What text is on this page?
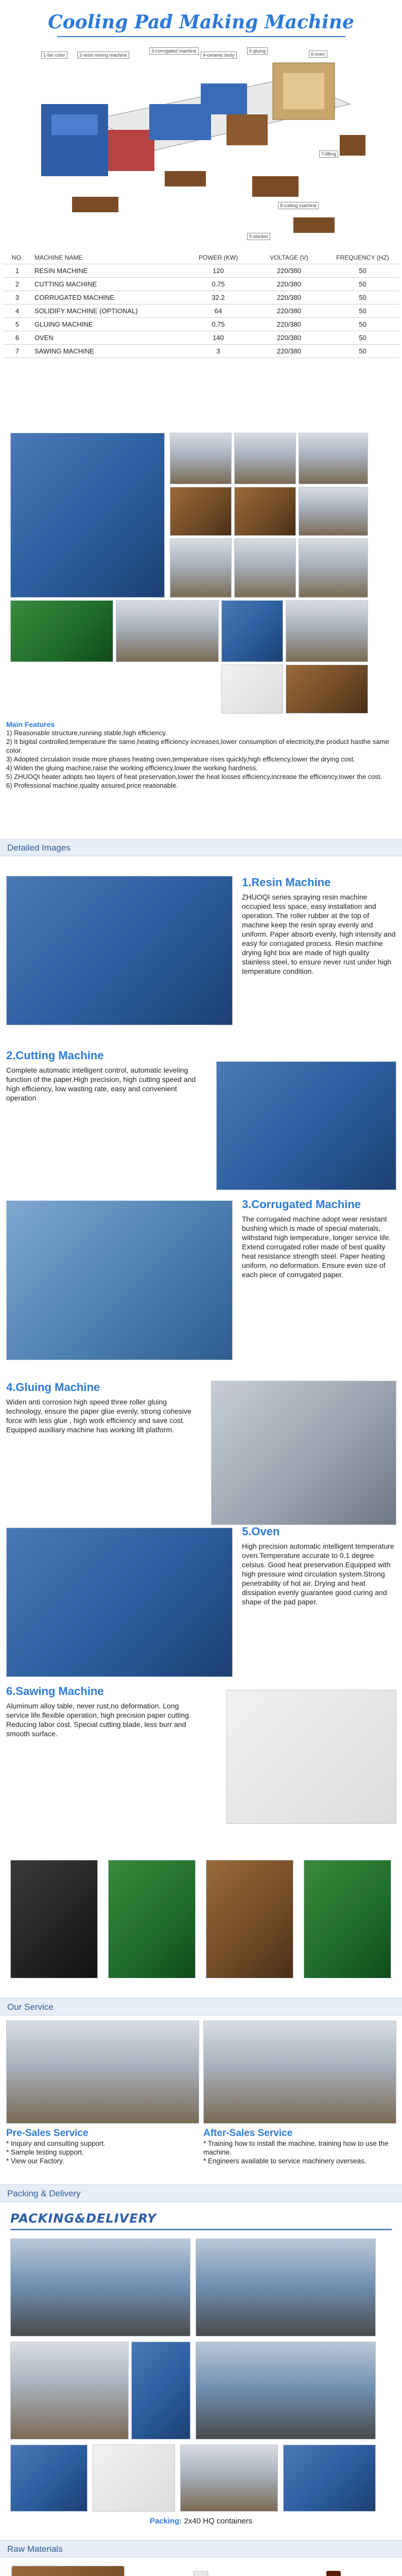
Cooling Pad Making Machine
1-fan color	2-resin mixing machine
3-corrugated machine
4-ceramic body
5-gluing
6-oven
7-lifting
8-cutting machine
9-stacker
NO.	MACHINE NAME	POWER (KW)	VOLTAGE (V)	FREQUENCY (HZ)
1	RESIN MACHINE	120	220/380	50
2	CUTTING MACHINE	0.75	220/380	50
3	CORRUGATED MACHINE	32.2	220/380	50
4	SOLIDIFY MACHINE (OPTIONAL)	64	220/380	50
5	GLUING MACHINE	0.75	220/380	50
6	OVEN	140	220/380	50
7	SAWING MACHINE	3	220/380	50
Main Features
1) Reasonable structure,running stable,high efficiency.
2) It bigital controlled,temperature the same,heating efficiency increases,lower consumption of electricity,the product hasthe same color.
3) Adopted circulation inside more phases heating oven,temperature rises quickly,high efficiency,lower the drying cost.
4) Widen the gluing machine,raise the working efficiency,lower the working hardness.
5) ZHUOQI heater adopts two layers of heat preservation,lower the heat losses efficiency,increase the efficiency,lower the cost.
6) Professional machine,quality assured,price reasonable.
Detailed Images
1.Resin Machine
ZHUOQI series spraying resin machine occupied less space, easy installation and operation. The roller rubber at the top of machine keep the resin spray evenly and uniform. Paper absorb evenly, high intensity and easy for corrugated process. Resin machine drying light box are made of high quality stainless steel, to ensure never rust under high temperature condition.
2.Cutting Machine
Complete automatic intelligent control, automatic leveling function of the paper.High precision, high cutting speed and high efficiency, low wasting rate, easy and convenient operation
3.Corrugated Machine
The corrugated machine adopt wear resistant bushing which is made of special materials, withstand high temperature, longer service life. Extend corrugated roller made of best quality heat resistance strength steel. Paper heating uniform, no deformation. Ensure even size of each piece of corrugated paper.
4.Gluing Machine
Widen anti corrosion high speed three roller gluing technology, ensure the paper glue evenly, strong cohesive force with less glue , high work efficiency and save cost. Equipped auxiliary machine has working lift platform.
5.Oven
High precision automatic intelligent temperature oven.Temperature accurate to 0.1 degree celsius. Good heat preservation.Equipped with high pressure wind circulation system.Strong penetrability of hot air. Drying and heat dissipation evenly guarantee good curing and shape of the pad paper.
6.Sawing Machine
Aluminum alloy table, never rust,no deformation. Long service life.flexible operation, high precision paper cutting. Reducing labor cost. Special cutting blade, less burr and smooth surface.
Our Service
Pre-Sales Service
* Inquiry and consulting support.
* Sample testing support.
* View our Factory.
After-Sales Service
* Training how to install the machine, training how to use the machine.
* Engineers available to service machinery overseas.
Packing & Delivery
PACKING&DELIVERY
Packing: 2x40 HQ containers
Raw Materials
